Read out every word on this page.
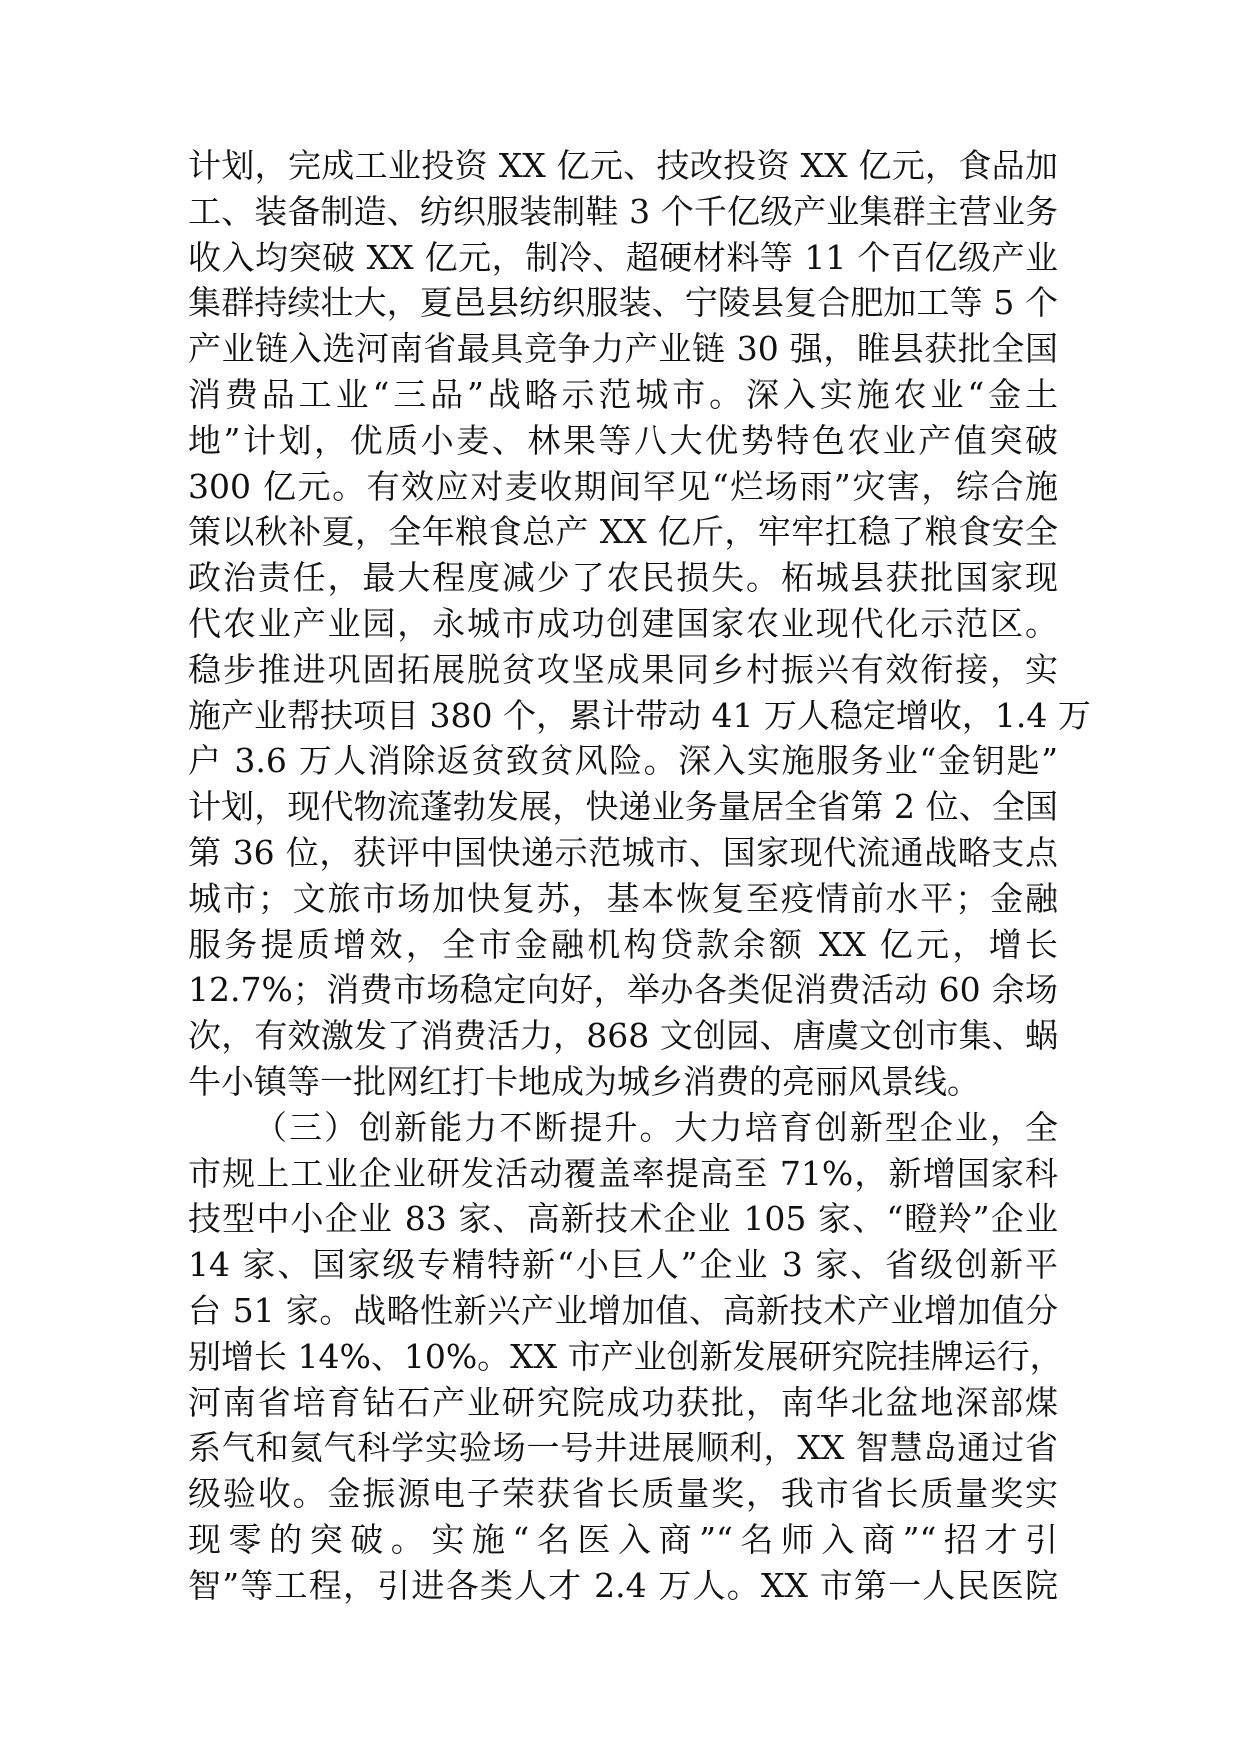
计划，完成工业投资 XX 亿元、技改投资 XX 亿元，食品加
工、装备制造、纺织服装制鞋 3 个千亿级产业集群主营业务
收入均突破 XX 亿元，制冷、超硬材料等 11 个百亿级产业
集群持续壮大，夏邑县纺织服装、宁陵县复合肥加工等 5 个
产业链入选河南省最具竞争力产业链 30 强，睢县获批全国
消费品工业“三品”战略示范城市。深入实施农业“金土
地”计划，优质小麦、林果等八大优势特色农业产值突破
300 亿元。有效应对麦收期间罕见“烂场雨”灾害，综合施
策以秋补夏，全年粮食总产 XX 亿斤，牢牢扛稳了粮食安全
政治责任，最大程度减少了农民损失。柘城县获批国家现
代农业产业园，永城市成功创建国家农业现代化示范区。
稳步推进巩固拓展脱贫攻坚成果同乡村振兴有效衔接，实
施产业帮扶项目 380 个，累计带动 41 万人稳定增收，1.4 万
户 3.6 万人消除返贫致贫风险。深入实施服务业“金钥匙”
计划，现代物流蓬勃发展，快递业务量居全省第 2 位、全国
第 36 位，获评中国快递示范城市、国家现代流通战略支点
城市；文旅市场加快复苏，基本恢复至疫情前水平；金融
服务提质增效，全市金融机构贷款余额 XX 亿元，增长
12.7%；消费市场稳定向好，举办各类促消费活动 60 余场
次，有效激发了消费活力，868 文创园、唐虞文创市集、蜗
牛小镇等一批网红打卡地成为城乡消费的亮丽风景线。
（三）创新能力不断提升。大力培育创新型企业，全
市规上工业企业研发活动覆盖率提高至 71%，新增国家科
技型中小企业 83 家、高新技术企业 105 家、“瞪羚”企业
14 家、国家级专精特新“小巨人”企业 3 家、省级创新平
台 51 家。战略性新兴产业增加值、高新技术产业增加值分
别增长 14%、10%。XX 市产业创新发展研究院挂牌运行，
河南省培育钻石产业研究院成功获批，南华北盆地深部煤
系气和氦气科学实验场一号井进展顺利，XX 智慧岛通过省
级验收。金振源电子荣获省长质量奖，我市省长质量奖实
现零的突破。实施“名医入商”“名师入商”“招才引
智”等工程，引进各类人才 2.4 万人。XX 市第一人民医院
